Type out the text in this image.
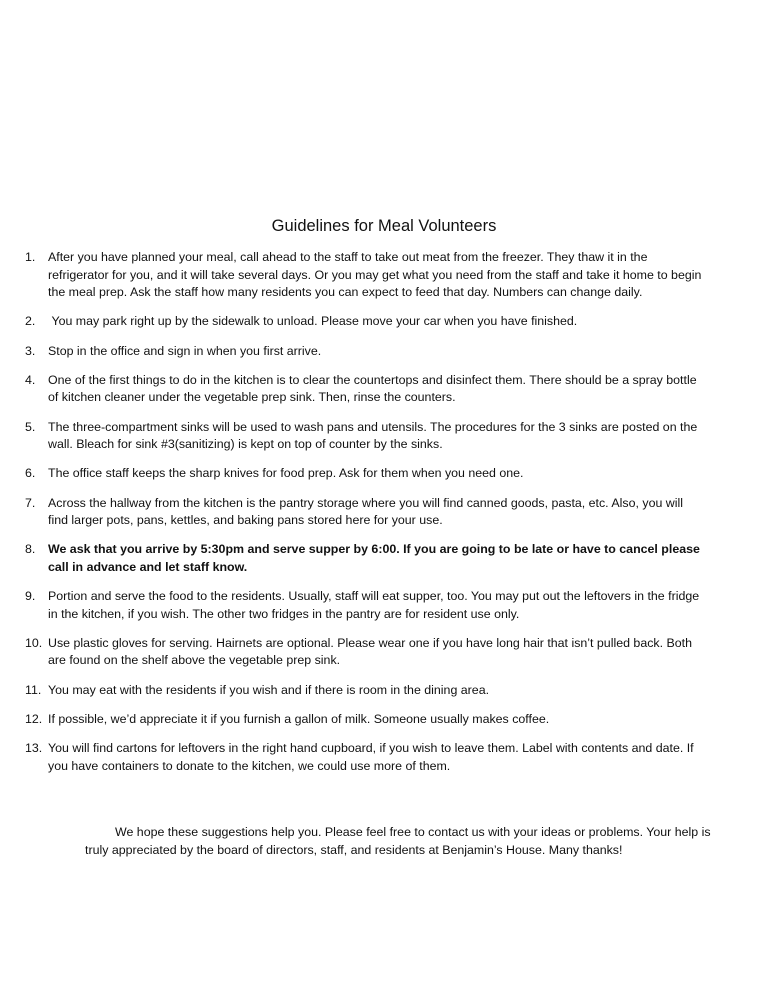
Guidelines for Meal Volunteers
1.	After you have planned your meal, call ahead to the staff to take out meat from the freezer. They thaw it in the refrigerator for you, and it will take several days. Or you may get what you need from the staff and take it home to begin the meal prep. Ask the staff how many residents you can expect to feed that day. Numbers can change daily.
2.	You may park right up by the sidewalk to unload. Please move your car when you have finished.
3.	Stop in the office and sign in when you first arrive.
4.	One of the first things to do in the kitchen is to clear the countertops and disinfect them. There should be a spray bottle of kitchen cleaner under the vegetable prep sink. Then, rinse the counters.
5.	The three-compartment sinks will be used to wash pans and utensils. The procedures for the 3 sinks are posted on the wall. Bleach for sink #3(sanitizing) is kept on top of counter by the sinks.
6.	The office staff keeps the sharp knives for food prep. Ask for them when you need one.
7.	Across the hallway from the kitchen is the pantry storage where you will find canned goods, pasta, etc. Also, you will find larger pots, pans, kettles, and baking pans stored here for your use.
8.	We ask that you arrive by 5:30pm and serve supper by 6:00. If you are going to be late or have to cancel please call in advance and let staff know.
9.	Portion and serve the food to the residents. Usually, staff will eat supper, too. You may put out the leftovers in the fridge in the kitchen, if you wish. The other two fridges in the pantry are for resident use only.
10. Use plastic gloves for serving. Hairnets are optional. Please wear one if you have long hair that isn’t pulled back. Both are found on the shelf above the vegetable prep sink.
11. You may eat with the residents if you wish and if there is room in the dining area.
12. If possible, we’d appreciate it if you furnish a gallon of milk. Someone usually makes coffee.
13. You will find cartons for leftovers in the right hand cupboard, if you wish to leave them. Label with contents and date. If you have containers to donate to the kitchen, we could use more of them.

We hope these suggestions help you. Please feel free to contact us with your ideas or problems. Your help is truly appreciated by the board of directors, staff, and residents at Benjamin’s House. Many thanks!
